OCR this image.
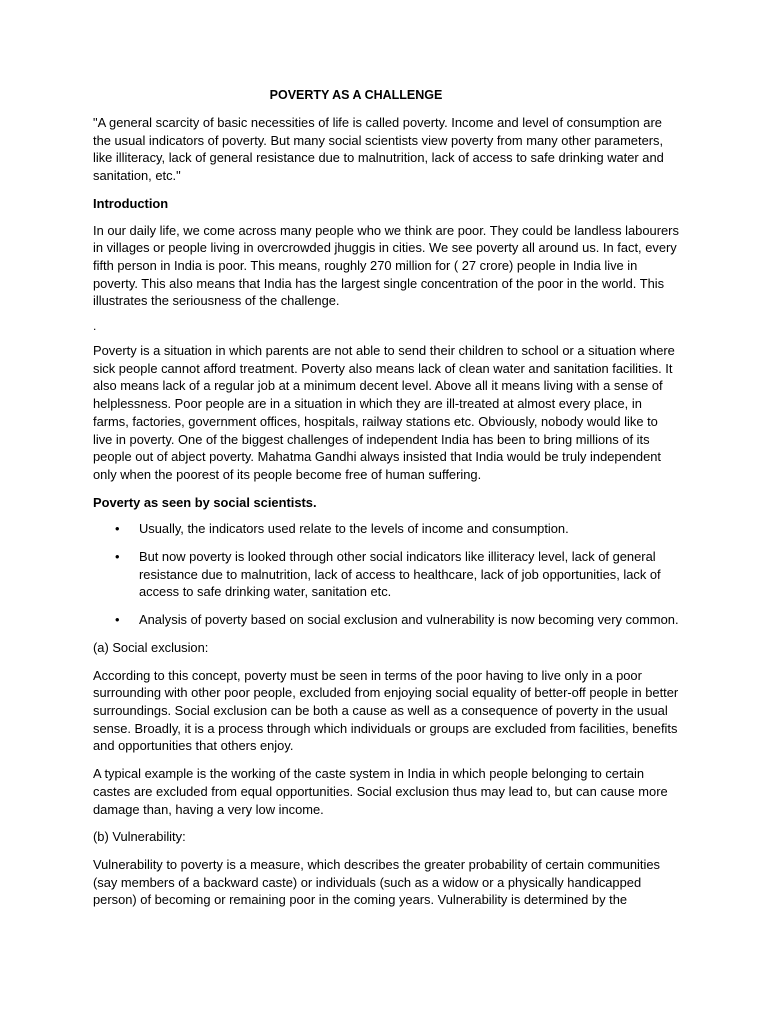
POVERTY AS A CHALLENGE

"A general scarcity of basic necessities of life is called poverty. Income and level of consumption are the usual indicators of poverty. But many social scientists view poverty from many other parameters, like illiteracy, lack of general resistance due to malnutrition, lack of access to safe drinking water and sanitation, etc."

Introduction

In our daily life, we come across many people who we think are poor. They could be landless labourers in villages or people living in overcrowded jhuggis in cities. We see poverty all around us. In fact, every fifth person in India is poor. This means, roughly 270 million for ( 27 crore) people in India live in poverty. This also means that India has the largest single concentration of the poor in the world. This illustrates the seriousness of the challenge.

.

Poverty is a situation in which parents are not able to send their children to school or a situation where sick people cannot afford treatment. Poverty also means lack of clean water and sanitation facilities. It also means lack of a regular job at a minimum decent level. Above all it means living with a sense of helplessness. Poor people are in a situation in which they are ill-treated at almost every place, in farms, factories, government offices, hospitals, railway stations etc. Obviously, nobody would like to live in poverty. One of the biggest challenges of independent India has been to bring millions of its people out of abject poverty. Mahatma Gandhi always insisted that India would be truly independent only when the poorest of its people become free of human suffering.

Poverty as seen by social scientists.

• Usually, the indicators used relate to the levels of income and consumption.
• But now poverty is looked through other social indicators like illiteracy level, lack of general resistance due to malnutrition, lack of access to healthcare, lack of job opportunities, lack of access to safe drinking water, sanitation etc.
• Analysis of poverty based on social exclusion and vulnerability is now becoming very common.

(a) Social exclusion:

According to this concept, poverty must be seen in terms of the poor having to live only in a poor surrounding with other poor people, excluded from enjoying social equality of better-off people in better surroundings. Social exclusion can be both a cause as well as a consequence of poverty in the usual sense. Broadly, it is a process through which individuals or groups are excluded from facilities, benefits and opportunities that others enjoy.

A typical example is the working of the caste system in India in which people belonging to certain castes are excluded from equal opportunities. Social exclusion thus may lead to, but can cause more damage than, having a very low income.

(b) Vulnerability:

Vulnerability to poverty is a measure, which describes the greater probability of certain communities (say members of a backward caste) or individuals (such as a widow or a physically handicapped person) of becoming or remaining poor in the coming years. Vulnerability is determined by the
